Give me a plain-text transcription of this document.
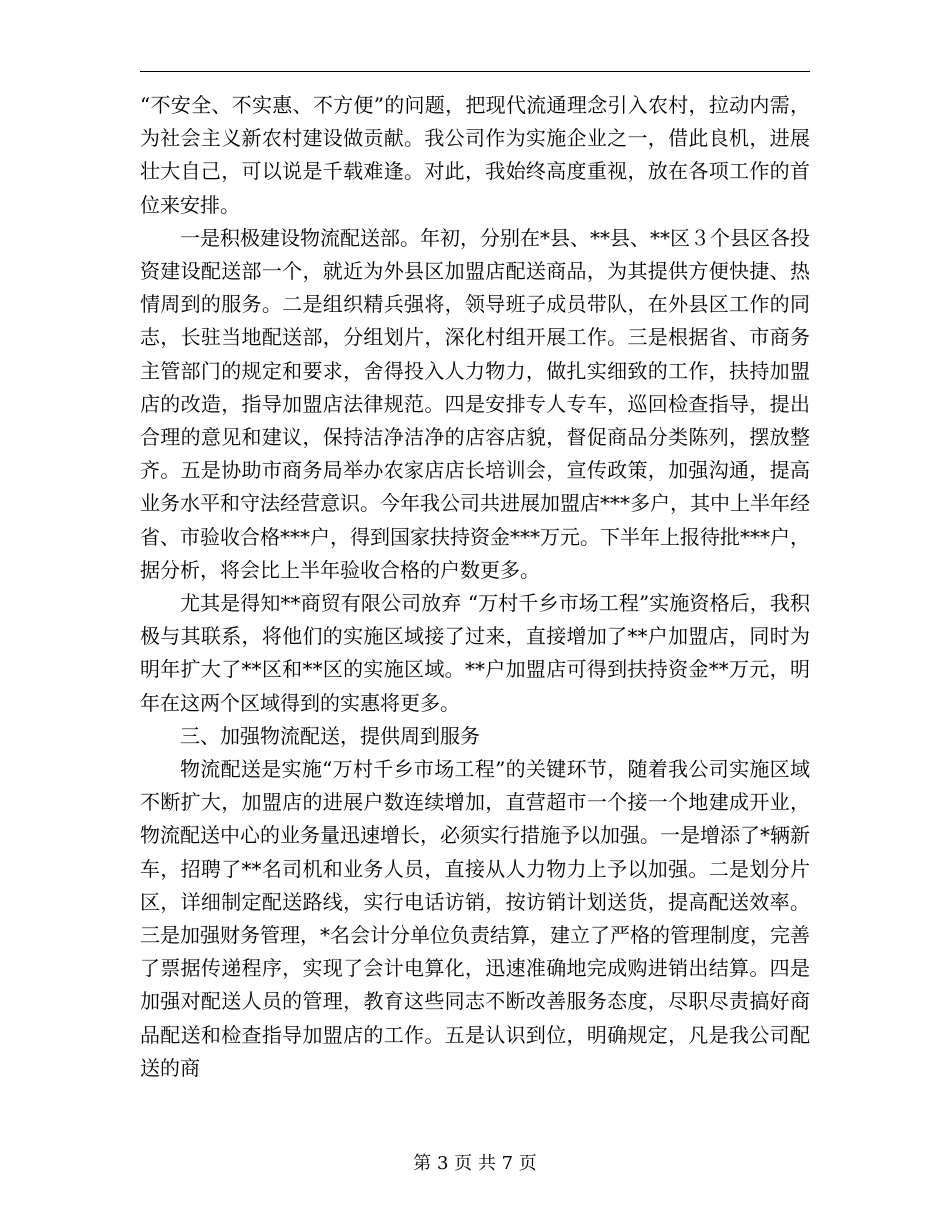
“不安全、不实惠、不方便”的问题，把现代流通理念引入农村，拉动内需，为社会主义新农村建设做贡献。我公司作为实施企业之一，借此良机，进展壮大自己，可以说是千载难逢。对此，我始终高度重视，放在各项工作的首位来安排。

一是积极建设物流配送部。年初，分别在*县、**县、**区３个县区各投资建设配送部一个，就近为外县区加盟店配送商品，为其提供方便快捷、热情周到的服务。二是组织精兵强将，领导班子成员带队，在外县区工作的同志，长驻当地配送部，分组划片，深化村组开展工作。三是根据省、市商务主管部门的规定和要求，舍得投入人力物力，做扎实细致的工作，扶持加盟店的改造，指导加盟店法律规范。四是安排专人专车，巡回检查指导，提出合理的意见和建议，保持洁净洁净的店容店貌，督促商品分类陈列，摆放整齐。五是协助市商务局举办农家店店长培训会，宣传政策，加强沟通，提高业务水平和守法经营意识。今年我公司共进展加盟店***多户，其中上半年经省、市验收合格***户，得到国家扶持资金***万元。下半年上报待批***户，据分析，将会比上半年验收合格的户数更多。

尤其是得知**商贸有限公司放弃 “万村千乡市场工程”实施资格后，我积极与其联系，将他们的实施区域接了过来，直接增加了**户加盟店，同时为明年扩大了**区和**区的实施区域。**户加盟店可得到扶持资金**万元，明年在这两个区域得到的实惠将更多。

三、加强物流配送，提供周到服务

物流配送是实施“万村千乡市场工程”的关键环节，随着我公司实施区域不断扩大，加盟店的进展户数连续增加，直营超市一个接一个地建成开业，物流配送中心的业务量迅速增长，必须实行措施予以加强。一是增添了*辆新车，招聘了**名司机和业务人员，直接从人力物力上予以加强。二是划分片区，详细制定配送路线，实行电话访销，按访销计划送货，提高配送效率。三是加强财务管理，*名会计分单位负责结算，建立了严格的管理制度，完善了票据传递程序，实现了会计电算化，迅速准确地完成购进销出结算。四是加强对配送人员的管理，教育这些同志不断改善服务态度，尽职尽责搞好商品配送和检查指导加盟店的工作。五是认识到位，明确规定，凡是我公司配送的商

第 3 页 共 7 页
